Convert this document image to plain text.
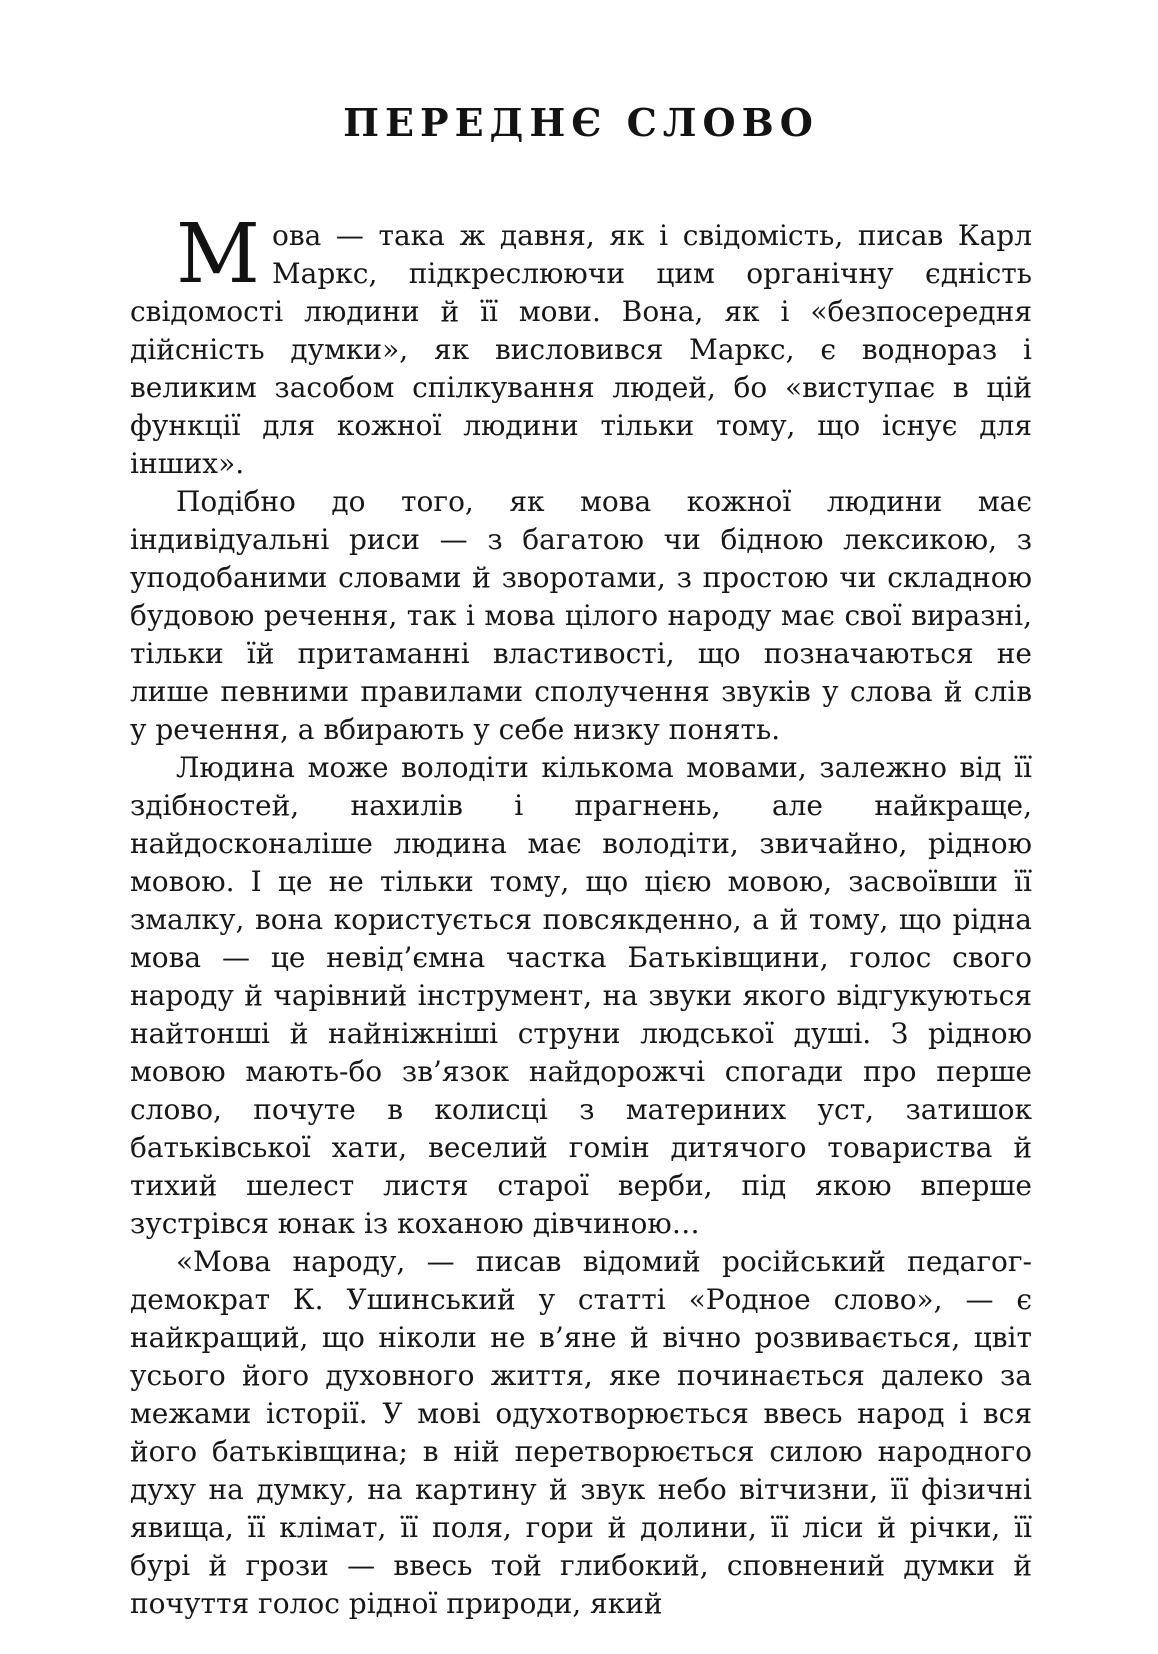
ПЕРЕДНЄ СЛОВО

Мова — така ж давня, як і свідомість, писав Карл Маркс, підкреслюючи цим органічну єдність свідомості людини й її мови. Вона, як і «безпосередня дійсність думки», як висловився Маркс, є воднораз і великим засобом спілкування людей, бо «виступає в цій функції для кожної людини тільки тому, що існує для інших».

Подібно до того, як мова кожної людини має індивідуальні риси — з багатою чи бідною лексикою, з уподобаними словами й зворотами, з простою чи складною будовою речення, так і мова цілого народу має свої виразні, тільки їй притаманні властивості, що позначаються не лише певними правилами сполучення звуків у слова й слів у речення, а вбирають у себе низку понять.

Людина може володіти кількома мовами, залежно від її здібностей, нахилів і прагнень, але найкраще, найдосконаліше людина має володіти, звичайно, рідною мовою. І це не тільки тому, що цією мовою, засвоївши її змалку, вона користується повсякденно, а й тому, що рідна мова — це невід’ємна частка Батьківщини, голос свого народу й чарівний інструмент, на звуки якого відгукуються найтонші й найніжніші струни людської душі. З рідною мовою мають-бо зв’язок найдорожчі спогади про перше слово, почуте в колисці з материних уст, затишок батьківської хати, веселий гомін дитячого товариства й тихий шелест листя старої верби, під якою вперше зустрівся юнак із коханою дівчиною…

«Мова народу, — писав відомий російський педагог-демократ К. Ушинський у статті «Родное слово», — є найкращий, що ніколи не в’яне й вічно розвивається, цвіт усього його духовного життя, яке починається далеко за межами історії. У мові одухотворюється ввесь народ і вся його батьківщина; в ній перетворюється силою народного духу на думку, на картину й звук небо вітчизни, її фізичні явища, її клімат, її поля, гори й долини, її ліси й річки, її бурі й грози — ввесь той глибокий, сповнений думки й почуття голос рідної природи, який
